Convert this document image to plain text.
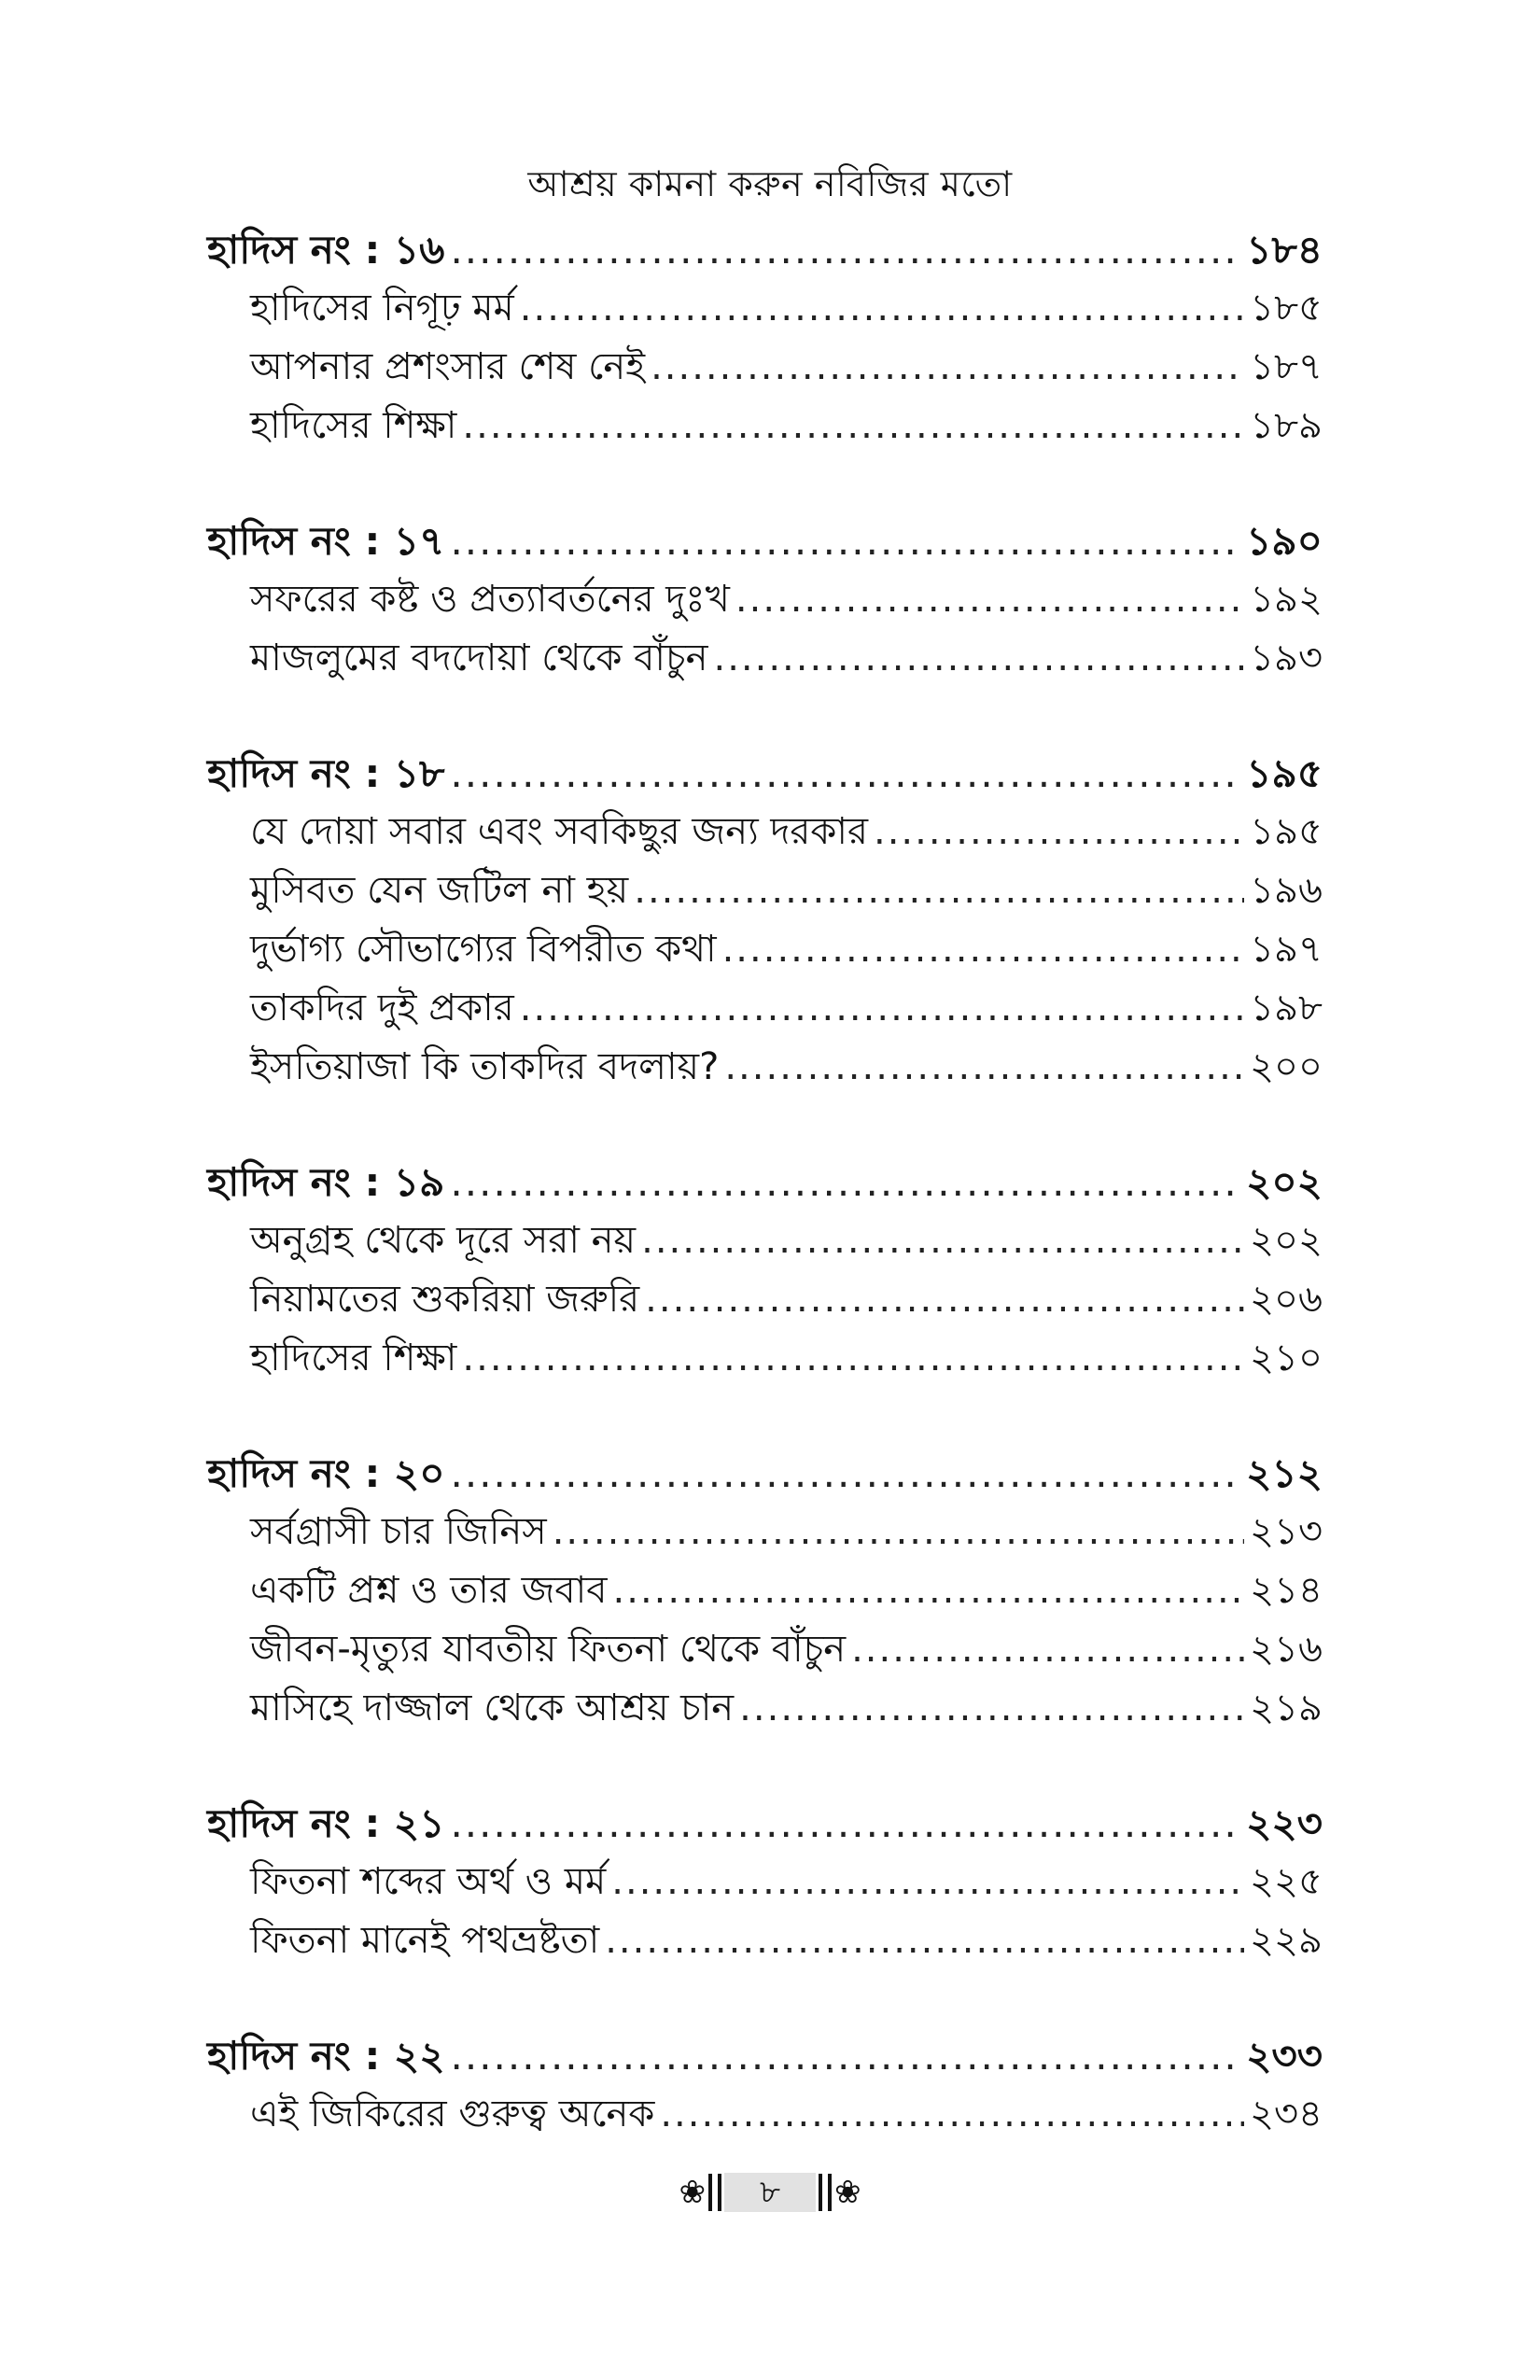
আশ্রয় কামনা করুন নবিজির মতো
হাদিস নং : ১৬ .....	১৮৪
হাদিসের নিগূঢ় মর্ম .....	১৮৫
আপনার প্রশংসার শেষ নেই .....	১৮৭
হাদিসের শিক্ষা .....	১৮৯
হাদিস নং : ১৭ .....	১৯০
সফরের কষ্ট ও প্রত্যাবর্তনের দুঃখ .....	১৯২
মাজলুমের বদদোয়া থেকে বাঁচুন .....	১৯৩
হাদিস নং : ১৮ .....	১৯৫
যে দোয়া সবার এবং সবকিছুর জন্য দরকার .....	১৯৫
মুসিবত যেন জটিল না হয় .....	১৯৬
দুর্ভাগ্য সৌভাগ্যের বিপরীত কথা .....	১৯৭
তাকদির দুই প্রকার .....	১৯৮
ইসতিয়াজা কি তাকদির বদলায়? .....	২০০
হাদিস নং : ১৯ .....	২০২
অনুগ্রহ থেকে দূরে সরা নয় .....	২০২
নিয়ামতের শুকরিয়া জরুরি .....	২০৬
হাদিসের শিক্ষা .....	২১০
হাদিস নং : ২০ .....	২১২
সর্বগ্রাসী চার জিনিস .....	২১৩
একটি প্রশ্ন ও তার জবাব .....	২১৪
জীবন-মৃত্যুর যাবতীয় ফিতনা থেকে বাঁচুন .....	২১৬
মাসিহে দাজ্জাল থেকে আশ্রয় চান .....	২১৯
হাদিস নং : ২১ .....	২২৩
ফিতনা শব্দের অর্থ ও মর্ম .....	২২৫
ফিতনা মানেই পথভ্রষ্টতা .....	২২৯
হাদিস নং : ২২ .....	২৩৩
এই জিকিরের গুরুত্ব অনেক .....	২৩৪
❀	৮	❀
